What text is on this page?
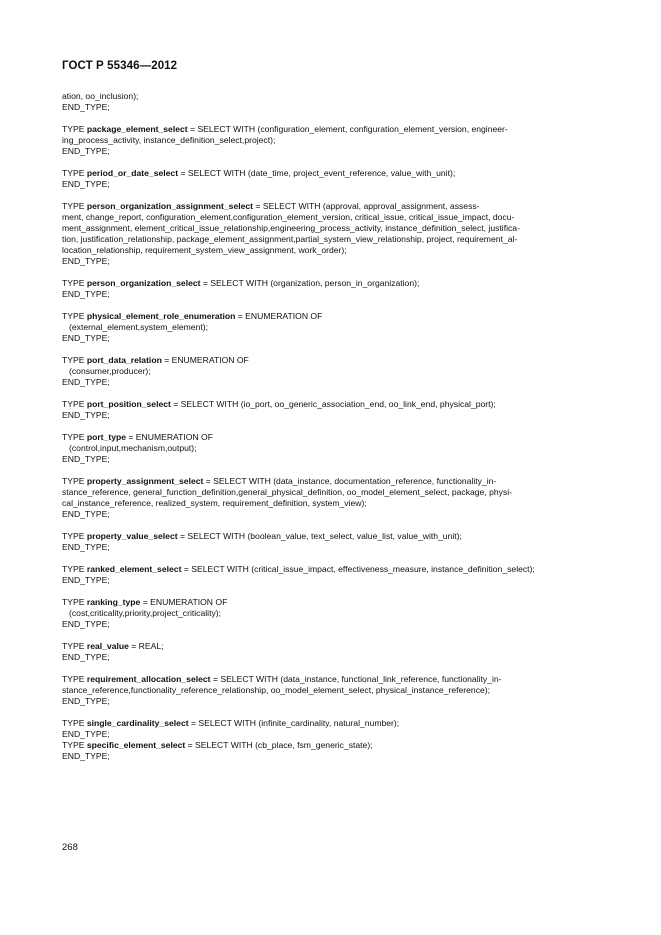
ГОСТ Р 55346—2012
ation, oo_inclusion);
END_TYPE;
TYPE package_element_select = SELECT WITH (configuration_element, configuration_element_version, engineer-
ing_process_activity, instance_definition_select,project);
END_TYPE;
TYPE period_or_date_select = SELECT WITH (date_time, project_event_reference, value_with_unit);
END_TYPE;
TYPE person_organization_assignment_select = SELECT WITH (approval, approval_assignment, assess-
ment, change_report, configuration_element,configuration_element_version, critical_issue, critical_issue_impact, docu-
ment_assignment, element_critical_issue_relationship,engineering_process_activity, instance_definition_select, justifica-
tion, justification_relationship, package_element_assignment,partial_system_view_relationship, project, requirement_al-
location_relationship, requirement_system_view_assignment, work_order);
END_TYPE;
TYPE person_organization_select = SELECT WITH (organization, person_in_organization);
END_TYPE;
TYPE physical_element_role_enumeration = ENUMERATION OF
(external_element,system_element);
END_TYPE;
TYPE port_data_relation = ENUMERATION OF
(consumer,producer);
END_TYPE;
TYPE port_position_select = SELECT WITH (io_port, oo_generic_association_end, oo_link_end, physical_port);
END_TYPE;
TYPE port_type = ENUMERATION OF
(control,input,mechanism,output);
END_TYPE;
TYPE property_assignment_select = SELECT WITH (data_instance, documentation_reference, functionality_in-
stance_reference, general_function_definition,general_physical_definition, oo_model_element_select, package, physi-
cal_instance_reference, realized_system, requirement_definition, system_view);
END_TYPE;
TYPE property_value_select = SELECT WITH (boolean_value, text_select, value_list, value_with_unit);
END_TYPE;
TYPE ranked_element_select = SELECT WITH (critical_issue_impact, effectiveness_measure, instance_definition_select);
END_TYPE;
TYPE ranking_type = ENUMERATION OF
(cost,criticality,priority,project_criticality);
END_TYPE;
TYPE real_value = REAL;
END_TYPE;
TYPE requirement_allocation_select = SELECT WITH (data_instance, functional_link_reference, functionality_in-
stance_reference,functionality_reference_relationship, oo_model_element_select, physical_instance_reference);
END_TYPE;
TYPE single_cardinality_select = SELECT WITH (infinite_cardinality, natural_number);
END_TYPE;
TYPE specific_element_select = SELECT WITH (cb_place, fsm_generic_state);
END_TYPE;
268
